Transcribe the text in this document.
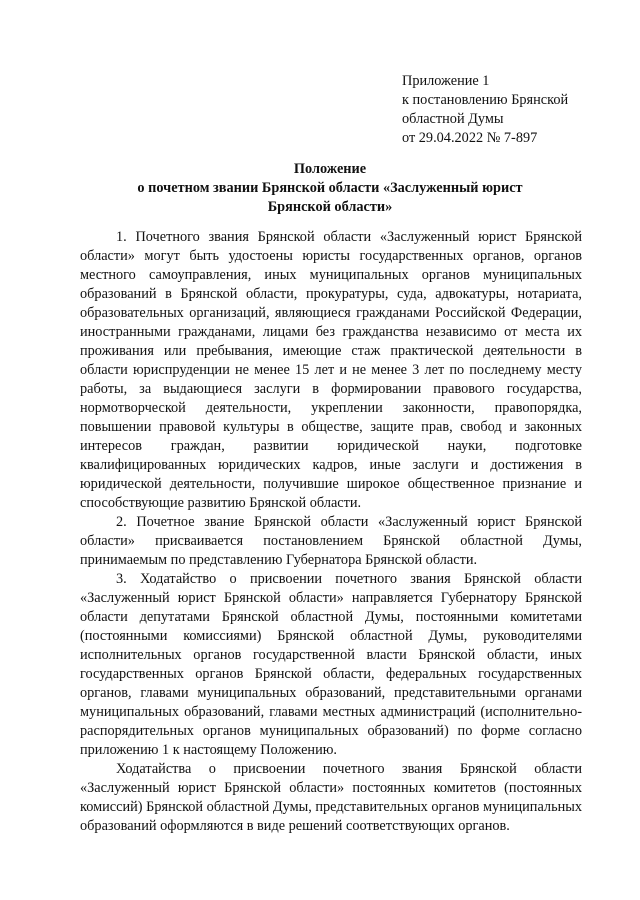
Приложение 1
к постановлению Брянской
областной Думы
от 29.04.2022 № 7-897
Положение
о почетном звании Брянской области «Заслуженный юрист
Брянской области»

1. Почетного звания Брянской области «Заслуженный юрист Брянской области» могут быть удостоены юристы государственных органов, органов местного самоуправления, иных муниципальных органов муниципальных образований в Брянской области, прокуратуры, суда, адвокатуры, нотариата, образовательных организаций, являющиеся гражданами Российской Федерации, иностранными гражданами, лицами без гражданства независимо от места их проживания или пребывания, имеющие стаж практической деятельности в области юриспруденции не менее 15 лет и не менее 3 лет по последнему месту работы, за выдающиеся заслуги в формировании правового государства, нормотворческой деятельности, укреплении законности, правопорядка, повышении правовой культуры в обществе, защите прав, свобод и законных интересов граждан, развитии юридической науки, подготовке квалифицированных юридических кадров, иные заслуги и достижения в юридической деятельности, получившие широкое общественное признание и способствующие развитию Брянской области.

2. Почетное звание Брянской области «Заслуженный юрист Брянской области» присваивается постановлением Брянской областной Думы, принимаемым по представлению Губернатора Брянской области.

3. Ходатайство о присвоении почетного звания Брянской области «Заслуженный юрист Брянской области» направляется Губернатору Брянской области депутатами Брянской областной Думы, постоянными комитетами (постоянными комиссиями) Брянской областной Думы, руководителями исполнительных органов государственной власти Брянской области, иных государственных органов Брянской области, федеральных государственных органов, главами муниципальных образований, представительными органами муниципальных образований, главами местных администраций (исполнительно-распорядительных органов муниципальных образований) по форме согласно приложению 1 к настоящему Положению.

Ходатайства о присвоении почетного звания Брянской области «Заслуженный юрист Брянской области» постоянных комитетов (постоянных комиссий) Брянской областной Думы, представительных органов муниципальных образований оформляются в виде решений соответствующих органов.
